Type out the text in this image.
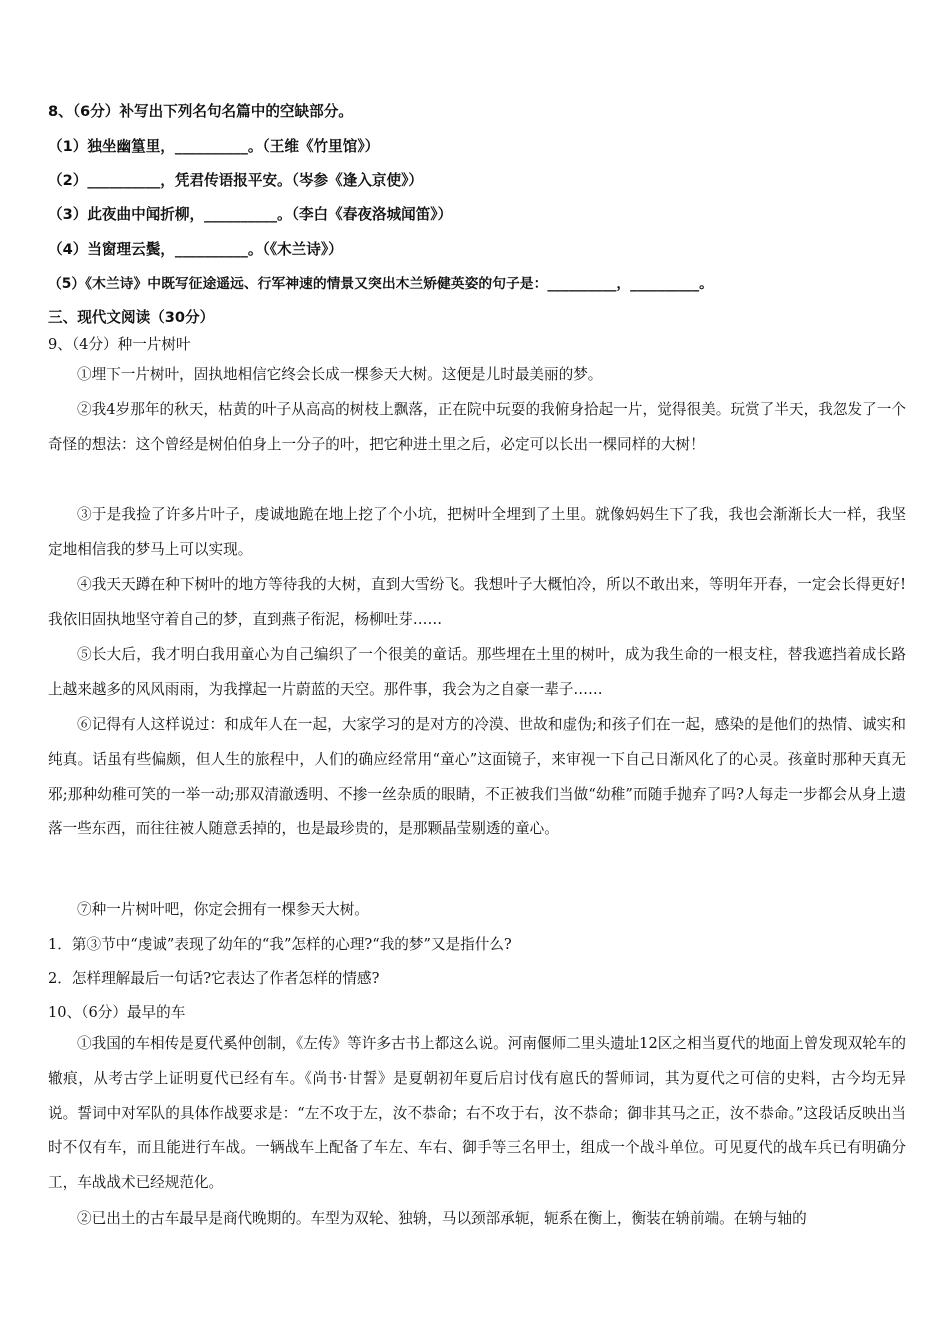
8、（6分）补写出下列名句名篇中的空缺部分。
（1）独坐幽篁里，__________。（王维《竹里馆》）
（2）__________，凭君传语报平安。（岑参《逢入京使》）
（3）此夜曲中闻折柳，__________。（李白《春夜洛城闻笛》）
（4）当窗理云鬓，__________。（《木兰诗》）
（5）《木兰诗》中既写征途遥远、行军神速的情景又突出木兰矫健英姿的句子是：__________，__________。
三、现代文阅读（30分）
9、（4分）种一片树叶
①埋下一片树叶，固执地相信它终会长成一棵参天大树。这便是儿时最美丽的梦。
②我4岁那年的秋天，枯黄的叶子从高高的树枝上飘落，正在院中玩耍的我俯身拾起一片，觉得很美。玩赏了半天，我忽发了一个奇怪的想法：这个曾经是树伯伯身上一分子的叶，把它种进土里之后，必定可以长出一棵同样的大树！
③于是我捡了许多片叶子，虔诚地跪在地上挖了个小坑，把树叶全埋到了土里。就像妈妈生下了我，我也会渐渐长大一样，我坚定地相信我的梦马上可以实现。
④我天天蹲在种下树叶的地方等待我的大树，直到大雪纷飞。我想叶子大概怕冷，所以不敢出来，等明年开春，一定会长得更好!我依旧固执地坚守着自己的梦，直到燕子衔泥，杨柳吐芽……
⑤长大后，我才明白我用童心为自己编织了一个很美的童话。那些埋在土里的树叶，成为我生命的一根支柱，替我遮挡着成长路上越来越多的风风雨雨，为我撑起一片蔚蓝的天空。那件事，我会为之自豪一辈子……
⑥记得有人这样说过：和成年人在一起，大家学习的是对方的冷漠、世故和虚伪;和孩子们在一起，感染的是他们的热情、诚实和纯真。话虽有些偏颇，但人生的旅程中，人们的确应经常用“童心”这面镜子，来审视一下自己日渐风化了的心灵。孩童时那种天真无邪;那种幼稚可笑的一举一动;那双清澈透明、不掺一丝杂质的眼睛，不正被我们当做“幼稚”而随手抛弃了吗?人每走一步都会从身上遗落一些东西，而往往被人随意丢掉的，也是最珍贵的，是那颗晶莹剔透的童心。
⑦种一片树叶吧，你定会拥有一棵参天大树。
1．第③节中“虔诚”表现了幼年的“我”怎样的心理?“我的梦”又是指什么?
2．怎样理解最后一句话?它表达了作者怎样的情感?
10、（6分）最早的车
①我国的车相传是夏代奚仲创制，《左传》等许多古书上都这么说。河南偃师二里头遗址12区之相当夏代的地面上曾发现双轮车的辙痕，从考古学上证明夏代已经有车。《尚书·甘誓》是夏朝初年夏后启讨伐有扈氏的誓师词，其为夏代之可信的史料，古今均无异说。誓词中对军队的具体作战要求是：“左不攻于左，汝不恭命；右不攻于右，汝不恭命；御非其马之正，汝不恭命。”这段话反映出当时不仅有车，而且能进行车战。一辆战车上配备了车左、车右、御手等三名甲士，组成一个战斗单位。可见夏代的战车兵已有明确分工，车战战术已经规范化。
②已出土的古车最早是商代晚期的。车型为双轮、独辀，马以颈部承轭，轭系在衡上，衡装在辀前端。在辀与轴的
